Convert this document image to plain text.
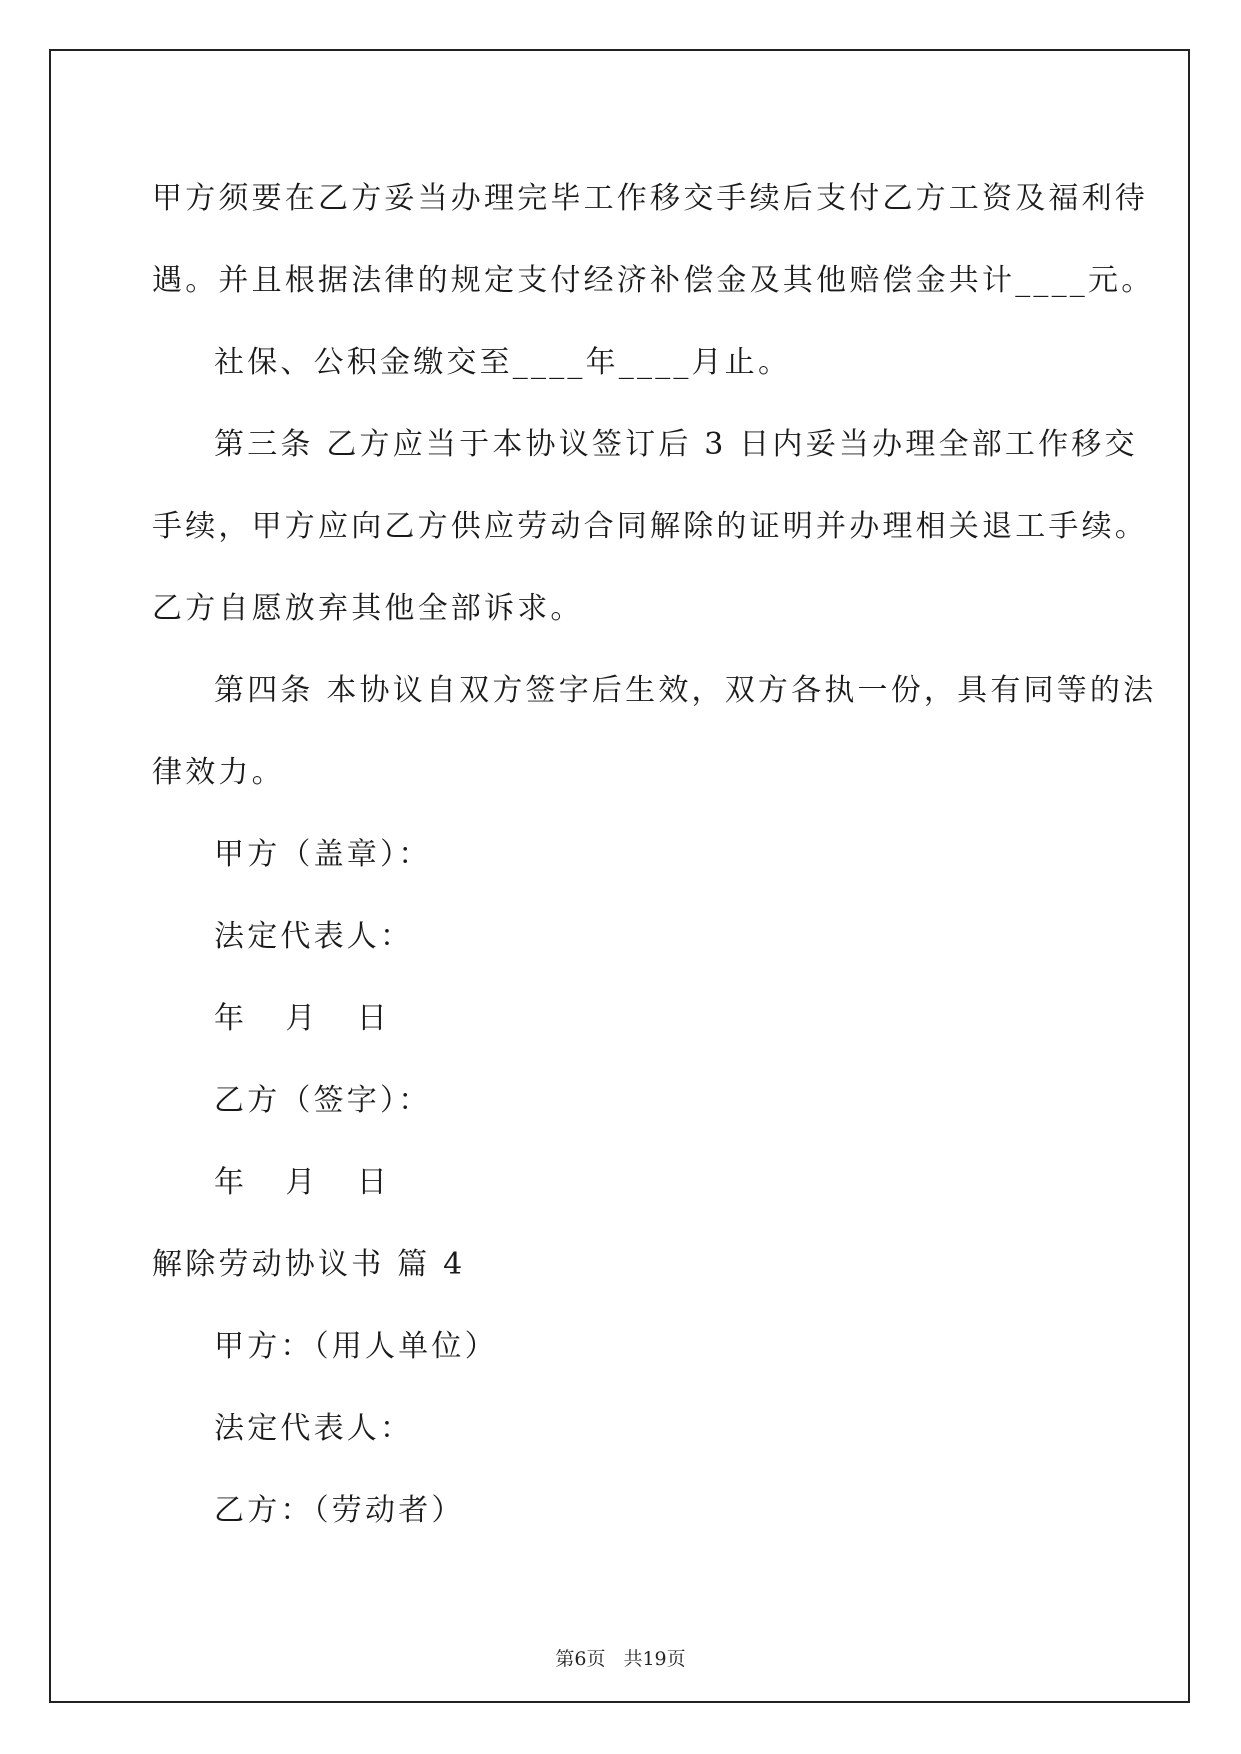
甲方须要在乙方妥当办理完毕工作移交手续后支付乙方工资及福利待
遇。并且根据法律的规定支付经济补偿金及其他赔偿金共计____元。
社保、公积金缴交至____年____月止。
第三条 乙方应当于本协议签订后 3 日内妥当办理全部工作移交
手续，甲方应向乙方供应劳动合同解除的证明并办理相关退工手续。
乙方自愿放弃其他全部诉求。
第四条 本协议自双方签字后生效，双方各执一份，具有同等的法
律效力。
甲方（盖章）：
法定代表人：
年   月   日
乙方（签字）：
年   月   日
解除劳动协议书 篇 4
甲方：（用人单位）
法定代表人：
乙方：（劳动者）
第6页 共19页
